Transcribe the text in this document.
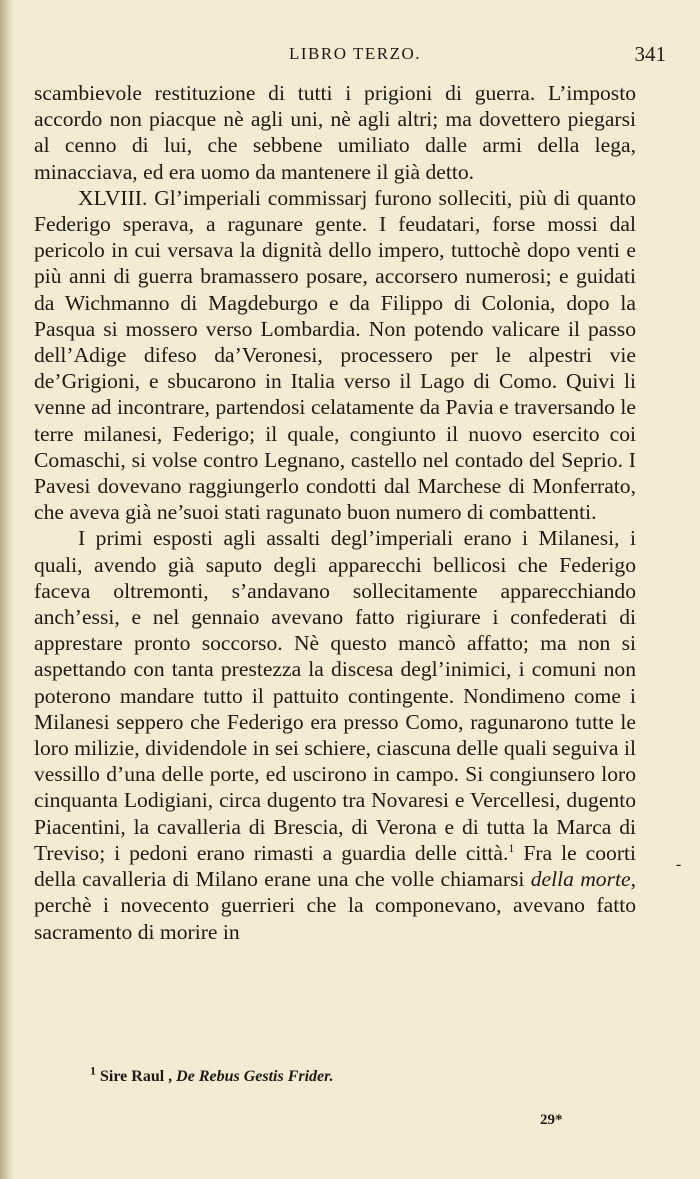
LIBRO TERZO.	341

scambievole restituzione di tutti i prigioni di guerra. L’imposto accordo non piacque nè agli uni, nè agli altri; ma dovettero piegarsi al cenno di lui, che sebbene umiliato dalle armi della lega, minacciava, ed era uomo da mantenere il già detto.

XLVIII. Gl’imperiali commissarj furono solleciti, più di quanto Federigo sperava, a ragunare gente. I feudatari, forse mossi dal pericolo in cui versava la dignità dello impero, tuttochè dopo venti e più anni di guerra bramassero posare, accorsero numerosi; e guidati da Wichmanno di Magdeburgo e da Filippo di Colonia, dopo la Pasqua si mossero verso Lombardia. Non potendo valicare il passo dell’Adige difeso da’Veronesi, processero per le alpestri vie de’Grigioni, e sbucarono in Italia verso il Lago di Como. Quivi li venne ad incontrare, partendosi celatamente da Pavia e traversando le terre milanesi, Federigo; il quale, congiunto il nuovo esercito coi Comaschi, si volse contro Legnano, castello nel contado del Seprio. I Pavesi dovevano raggiungerlo condotti dal Marchese di Monferrato, che aveva già ne’suoi stati ragunato buon numero di combattenti.

I primi esposti agli assalti degl’imperiali erano i Milanesi, i quali, avendo già saputo degli apparecchi bellicosi che Federigo faceva oltremonti, s’andavano sollecitamente apparecchiando anch’essi, e nel gennaio avevano fatto rigiurare i confederati di apprestare pronto soccorso. Nè questo mancò affatto; ma non si aspettando con tanta prestezza la discesa degl’inimici, i comuni non poterono mandare tutto il pattuito contingente. Nondimeno come i Milanesi seppero che Federigo era presso Como, ragunarono tutte le loro milizie, dividendole in sei schiere, ciascuna delle quali seguiva il vessillo d’una delle porte, ed uscirono in campo. Si congiunsero loro cinquanta Lodigiani, circa dugento tra Novaresi e Vercellesi, dugento Piacentini, la cavalleria di Brescia, di Verona e di tutta la Marca di Treviso; i pedoni erano rimasti a guardia delle città.$^1$ Fra le coorti della cavalleria di Milano erane una che volle chiamarsi della morte, perchè i novecento guerrieri che la componevano, avevano fatto sacramento di morire in

$^1$ Sire Raul , De Rebus Gestis Frider.
29*
-
